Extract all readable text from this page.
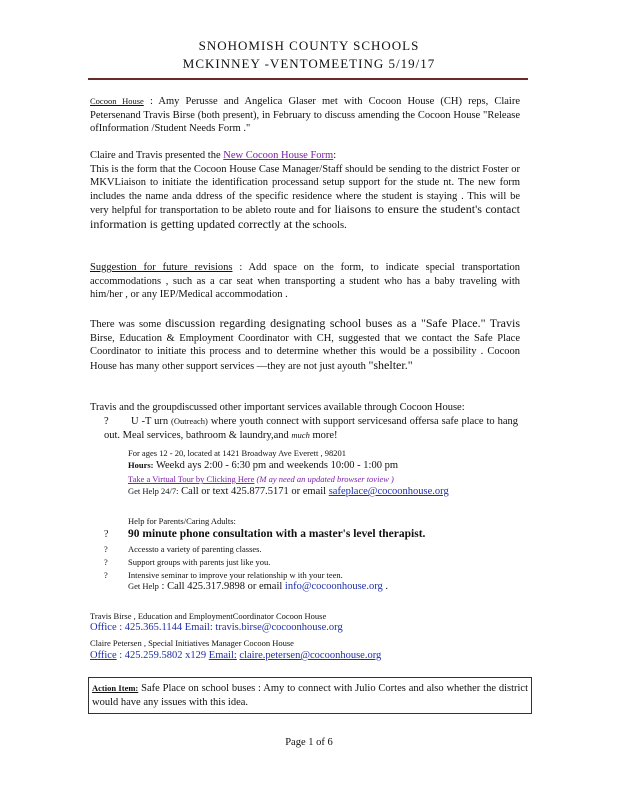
SNOHOMISH COUNTY SCHOOLS
MCKINNEY -VENTOMEETING 5/19/17
Cocoon House : Amy Perusse and Angelica Glaser met with Cocoon House (CH) reps, Claire Petersenand Travis Birse (both present), in February to discuss amending the Cocoon House "Release ofInformation /Student Needs Form ."
Claire and Travis presented the New Cocoon House Form:
This is the form that the Cocoon House Case Manager/Staff should be sending to the district Foster or MKVLiaison to initiate the identification processand setup support for the stude nt. The new form includes the name anda ddress of the specific residence where the student is staying . This will be very helpful for transportation to be ableto route and for liaisons to ensure the student's contact information is getting updated correctly at the schools.
Suggestion for future revisions : Add space on the form, to indicate special transportation accommodations , such as a car seat when transporting a student who has a baby traveling with him/her , or any IEP/Medical accommodation .
There was some discussion regarding designating school buses as a "Safe Place." Travis Birse, Education & Employment Coordinator with CH, suggested that we contact the Safe Place Coordinator to initiate this process and to determine whether this would be a possibility . Cocoon House has many other support services —they are not just ayouth "shelter."
Travis and the groupdiscussed other important services available through Cocoon House:
? U -T urn (Outreach) where youth connect with support servicesand offersa safe place to hang out. Meal services, bathroom & laundry,and much more!
For ages 12 - 20, located at 1421 Broadway Ave Everett , 98201
Hours: Weekd ays 2:00 - 6:30 pm and weekends 10:00 - 1:00 pm
Take a Virtual Tour by Clicking Here (M ay need an updated browser toview )
Get Help 24/7: Call or text 425.877.5171 or email safeplace@cocoonhouse.org
Help for Parents/Caring Adults:
? 90 minute phone consultation with a master's level therapist.
? Accessto a variety of parenting classes.
? Support groups with parents just like you.
? Intensive seminar to improve your relationship w ith your teen.
Get Help : Call 425.317.9898 or email info@cocoonhouse.org .
Travis Birse , Education and EmploymentCoordinator Cocoon House
Office : 425.365.1144 Email: travis.birse@cocoonhouse.org
Claire Petersen , Special Initiatives Manager Cocoon House
Office : 425.259.5802 x129 Email: claire.petersen@cocoonhouse.org
Action Item: Safe Place on school buses : Amy to connect with Julio Cortes and also whether the district would have any issues with this idea.
Page 1 of 6
